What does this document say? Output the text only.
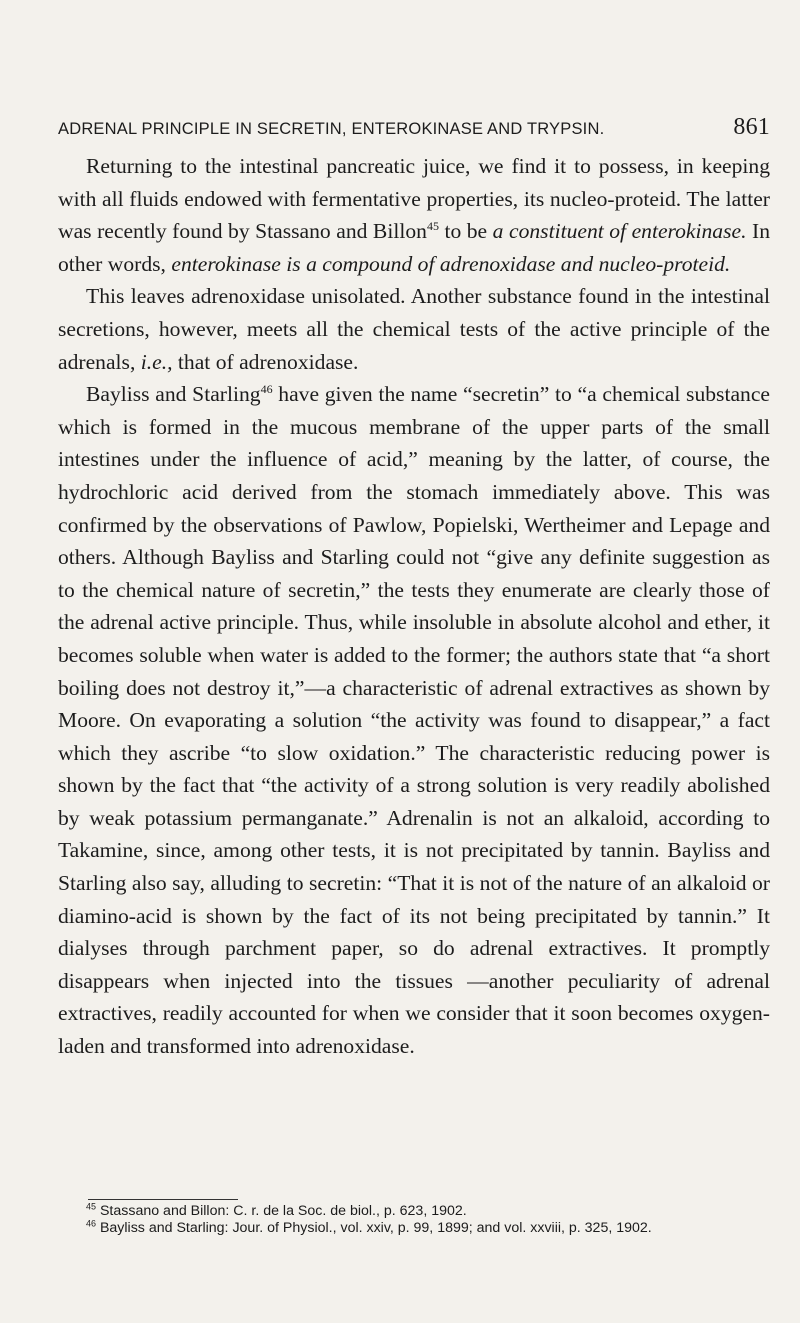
ADRENAL PRINCIPLE IN SECRETIN, ENTEROKINASE AND TRYPSIN.	861

Returning to the intestinal pancreatic juice, we find it to possess, in keeping with all fluids endowed with fermentative properties, its nucleo-proteid. The latter was recently found by Stassano and Billon$^{45}$ to be a constituent of enterokinase. In other words, enterokinase is a compound of adrenoxidase and nucleo-proteid.

This leaves adrenoxidase unisolated. Another substance found in the intestinal secretions, however, meets all the chemical tests of the active principle of the adrenals, i.e., that of adrenoxidase.

Bayliss and Starling$^{46}$ have given the name “secretin” to “a chemical substance which is formed in the mucous membrane of the upper parts of the small intestines under the influence of acid,” meaning by the latter, of course, the hydrochloric acid derived from the stomach immediately above. This was confirmed by the observations of Pawlow, Popielski, Wertheimer and Lepage and others. Although Bayliss and Starling could not “give any definite suggestion as to the chemical nature of secretin,” the tests they enumerate are clearly those of the adrenal active principle. Thus, while insoluble in absolute alcohol and ether, it becomes soluble when water is added to the former; the authors state that “a short boiling does not destroy it,”—a characteristic of adrenal extractives as shown by Moore. On evaporating a solution “the activity was found to disappear,” a fact which they ascribe “to slow oxidation.” The characteristic reducing power is shown by the fact that “the activity of a strong solution is very readily abolished by weak potassium permanganate.” Adrenalin is not an alkaloid, according to Takamine, since, among other tests, it is not precipitated by tannin. Bayliss and Starling also say, alluding to secretin: “That it is not of the nature of an alkaloid or diamino-acid is shown by the fact of its not being precipitated by tannin.” It dialyses through parchment paper, so do adrenal extractives. It promptly disappears when injected into the tissues —another peculiarity of adrenal extractives, readily accounted for when we consider that it soon becomes oxygen-laden and transformed into adrenoxidase.

$^{45}$ Stassano and Billon: C. r. de la Soc. de biol., p. 623, 1902.

$^{46}$ Bayliss and Starling: Jour. of Physiol., vol. xxiv, p. 99, 1899; and vol. xxviii, p. 325, 1902.
